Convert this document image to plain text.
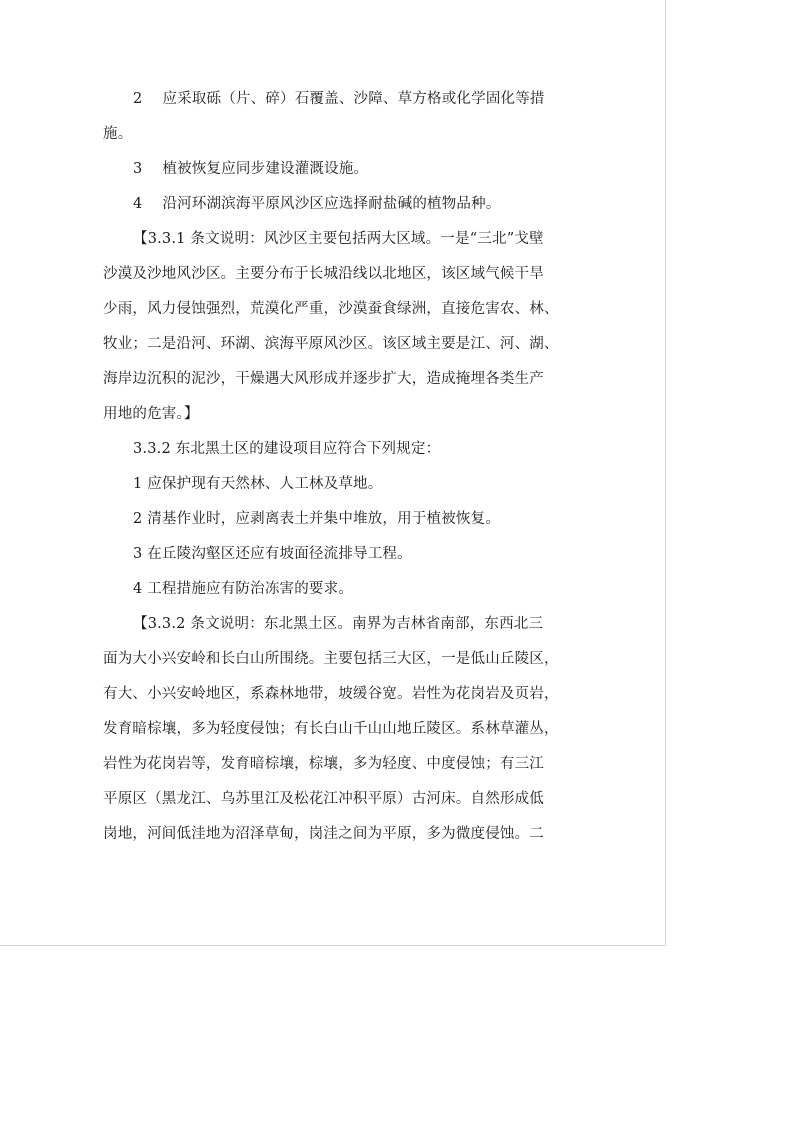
2 应采取砾（片、碎）石覆盖、沙障、草方格或化学固化等措
施。
3 植被恢复应同步建设灌溉设施。
4 沿河环湖滨海平原风沙区应选择耐盐碱的植物品种。
【3.3.1 条文说明：风沙区主要包括两大区域。一是“三北”戈壁
沙漠及沙地风沙区。主要分布于长城沿线以北地区，该区域气候干旱
少雨，风力侵蚀强烈，荒漠化严重，沙漠蚕食绿洲，直接危害农、林、
牧业；二是沿河、环湖、滨海平原风沙区。该区域主要是江、河、湖、
海岸边沉积的泥沙，干燥遇大风形成并逐步扩大，造成掩埋各类生产
用地的危害。】
3.3.2 东北黑土区的建设项目应符合下列规定：
1 应保护现有天然林、人工林及草地。
2 清基作业时，应剥离表土并集中堆放，用于植被恢复。
3 在丘陵沟壑区还应有坡面径流排导工程。
4 工程措施应有防治冻害的要求。
【3.3.2 条文说明：东北黑土区。南界为吉林省南部，东西北三
面为大小兴安岭和长白山所围绕。主要包括三大区，一是低山丘陵区，
有大、小兴安岭地区，系森林地带，坡缓谷宽。岩性为花岗岩及页岩，
发育暗棕壤，多为轻度侵蚀；有长白山千山山地丘陵区。系林草灌丛，
岩性为花岗岩等，发育暗棕壤，棕壤，多为轻度、中度侵蚀；有三江
平原区（黑龙江、乌苏里江及松花江冲积平原）古河床。自然形成低
岗地，河间低洼地为沼泽草甸，岗洼之间为平原，多为微度侵蚀。二
